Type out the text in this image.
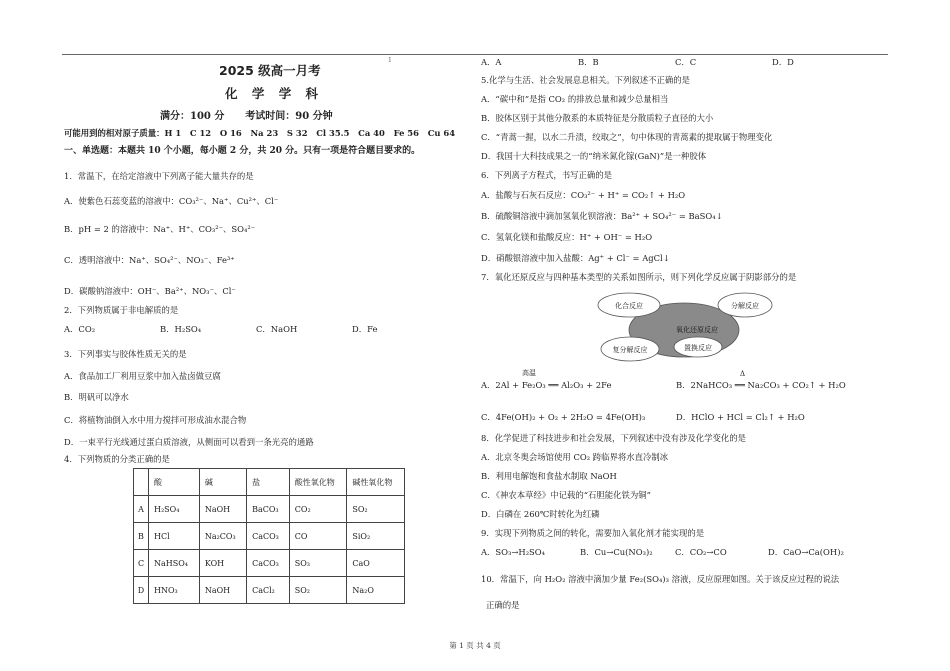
1
2025 级高一月考
化 学 学 科
满分：100 分      考试时间：90 分钟
可能用到的相对原子质量：H 1   C 12   O 16   Na 23   S 32   Cl 35.5   Ca 40   Fe 56   Cu 64
一、单选题：本题共 10 个小题，每小题 2 分，共 20 分。只有一项是符合题目要求的。
1．常温下，在给定溶液中下列离子能大量共存的是
A．使紫色石蕊变蓝的溶液中：CO₃²⁻、Na⁺、Cu²⁺、Cl⁻
B．pH = 2 的溶液中：Na⁺、H⁺、CO₃²⁻、SO₄²⁻
C．透明溶液中：Na⁺、SO₄²⁻、NO₃⁻、Fe³⁺
D．碳酸钠溶液中：OH⁻、Ba²⁺、NO₃⁻、Cl⁻
2．下列物质属于非电解质的是
A．CO₂	B．H₂SO₄	C．NaOH	D．Fe
3．下列事实与胶体性质无关的是
A．食品加工厂利用豆浆中加入盐卤做豆腐
B．明矾可以净水
C．将植物油倒入水中用力搅拌可形成油水混合物
D．一束平行光线通过蛋白质溶液，从侧面可以看到一条光亮的通路
4．下列物质的分类正确的是
	酸	碱	盐	酸性氧化物	碱性氧化物
A	H₂SO₄	NaOH	BaCO₃	CO₂	SO₂
B	HCl	Na₂CO₃	CaCO₃	CO	SiO₂
C	NaHSO₄	KOH	CaCO₃	SO₃	CaO
D	HNO₃	NaOH	CaCl₂	SO₂	Na₂O
A．A	B．B	C．C	D．D
5.化学与生活、社会发展息息相关。下列叙述不正确的是
A．“碳中和”是指 CO₂ 的排放总量和减少总量相当
B．胶体区别于其他分散系的本质特征是分散质粒子直径的大小
C．“青蒿一握，以水二升渍，绞取之”，句中体现的青蒿素的提取属于物理变化
D．我国十大科技成果之一的“纳米氮化镓(GaN)”是一种胶体
6．下列离子方程式，书写正确的是
A．盐酸与石灰石反应：CO₃²⁻ + H⁺ = CO₂↑ + H₂O
B．硫酸铜溶液中滴加氢氧化钡溶液：Ba²⁺ + SO₄²⁻ = BaSO₄↓
C．氢氧化镁和盐酸反应：H⁺ + OH⁻ = H₂O
D．硝酸银溶液中加入盐酸：Ag⁺ + Cl⁻ = AgCl↓
7．氧化还原反应与四种基本类型的关系如图所示，则下列化学反应属于阴影部分的是
化合反应	分解反应
氧化还原反应
复分解反应	置换反应
高温
A．2Al + Fe₂O₃ ══ Al₂O₃ + 2Fe
Δ
B．2NaHCO₃ ══ Na₂CO₃ + CO₂↑ + H₂O
C．4Fe(OH)₂ + O₂ + 2H₂O = 4Fe(OH)₃	D．HClO + HCl = Cl₂↑ + H₂O
8．化学促进了科技进步和社会发展，下列叙述中没有涉及化学变化的是
A．北京冬奥会场馆使用 CO₂ 跨临界将水直冷制冰
B．利用电解饱和食盐水制取 NaOH
C．《神农本草经》中记载的“石胆能化铁为铜”
D．白磷在 260℃时转化为红磷
9．实现下列物质之间的转化，需要加入氧化剂才能实现的是
A．SO₃→H₂SO₄	B．Cu→Cu(NO₃)₂	C．CO₂→CO	D．CaO→Ca(OH)₂
10．常温下，向 H₂O₂ 溶液中滴加少量 Fe₂(SO₄)₃ 溶液，反应原理如图。关于该反应过程的说法
正确的是
第 1 页 共 4 页
